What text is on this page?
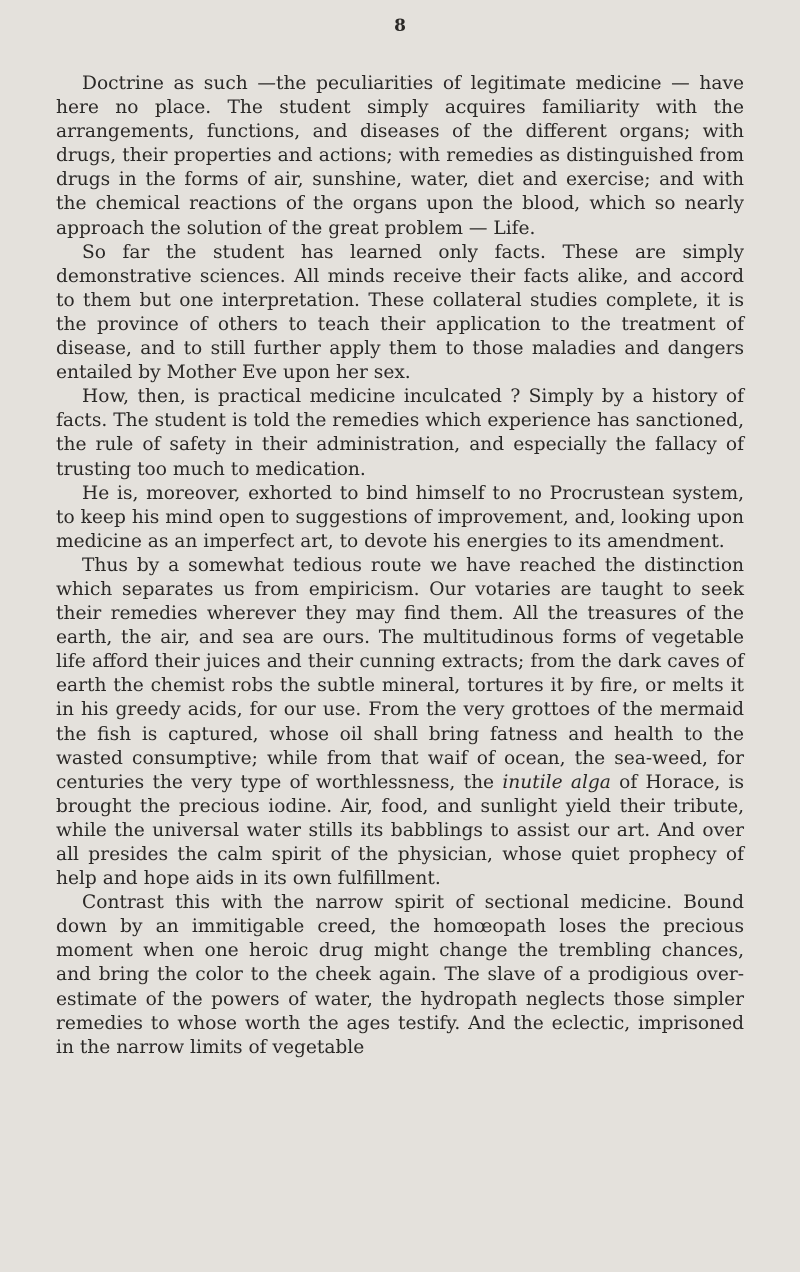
8

Doctrine as such —the peculiarities of legitimate medicine — have here no place. The student simply acquires familiarity with the arrangements, functions, and diseases of the different organs; with drugs, their properties and actions; with remedies as distinguished from drugs in the forms of air, sunshine, water, diet and exercise; and with the chemical reactions of the organs upon the blood, which so nearly approach the solution of the great problem — Life.

So far the student has learned only facts. These are simply demonstrative sciences. All minds receive their facts alike, and accord to them but one interpretation. These collateral studies complete, it is the province of others to teach their application to the treatment of disease, and to still further apply them to those maladies and dangers entailed by Mother Eve upon her sex.

How, then, is practical medicine inculcated ? Simply by a history of facts. The student is told the remedies which experience has sanctioned, the rule of safety in their administration, and especially the fallacy of trusting too much to medication.

He is, moreover, exhorted to bind himself to no Procrustean system, to keep his mind open to suggestions of improvement, and, looking upon medicine as an imperfect art, to devote his energies to its amendment.

Thus by a somewhat tedious route we have reached the distinction which separates us from empiricism. Our votaries are taught to seek their remedies wherever they may find them. All the treasures of the earth, the air, and sea are ours. The multitudinous forms of vegetable life afford their juices and their cunning extracts; from the dark caves of earth the chemist robs the subtle mineral, tortures it by fire, or melts it in his greedy acids, for our use. From the very grottoes of the mermaid the fish is captured, whose oil shall bring fatness and health to the wasted consumptive; while from that waif of ocean, the sea-weed, for centuries the very type of worthlessness, the inutile alga of Horace, is brought the precious iodine. Air, food, and sunlight yield their tribute, while the universal water stills its babblings to assist our art. And over all presides the calm spirit of the physician, whose quiet prophecy of help and hope aids in its own fulfillment.

Contrast this with the narrow spirit of sectional medicine. Bound down by an immitigable creed, the homœopath loses the precious moment when one heroic drug might change the trembling chances, and bring the color to the cheek again. The slave of a prodigious over-estimate of the powers of water, the hydropath neglects those simpler remedies to whose worth the ages testify. And the eclectic, imprisoned in the narrow limits of vegetable
